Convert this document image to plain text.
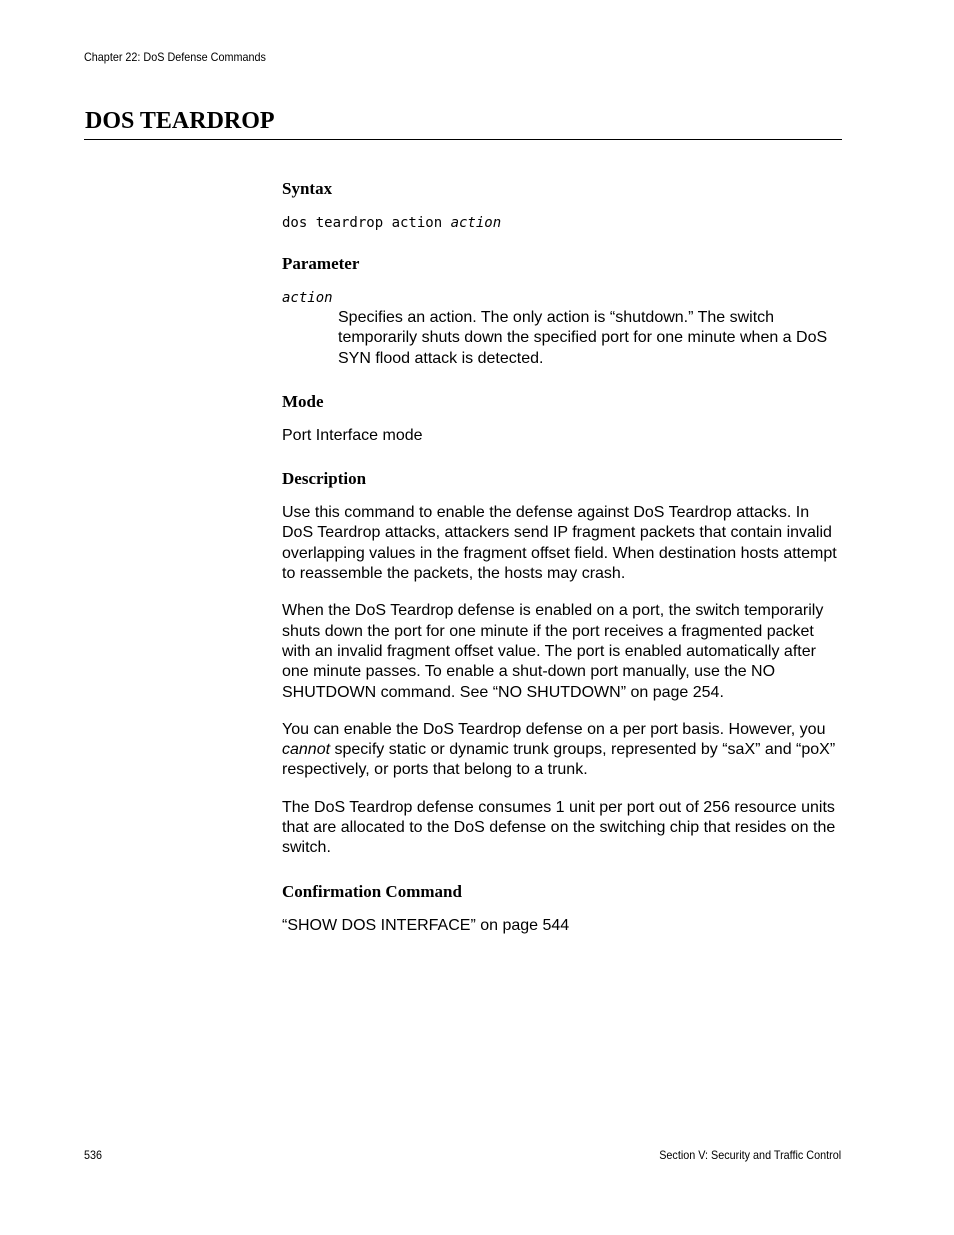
Chapter 22: DoS Defense Commands
DOS TEARDROP
Syntax

dos teardrop action action

Parameter

action

Specifies an action. The only action is “shutdown.” The switch temporarily shuts down the specified port for one minute when a DoS SYN flood attack is detected.

Mode

Port Interface mode

Description

Use this command to enable the defense against DoS Teardrop attacks. In DoS Teardrop attacks, attackers send IP fragment packets that contain invalid overlapping values in the fragment offset field. When destination hosts attempt to reassemble the packets, the hosts may crash.

When the DoS Teardrop defense is enabled on a port, the switch temporarily shuts down the port for one minute if the port receives a fragmented packet with an invalid fragment offset value. The port is enabled automatically after one minute passes. To enable a shut-down port manually, use the NO SHUTDOWN command. See “NO SHUTDOWN” on page 254.

You can enable the DoS Teardrop defense on a per port basis. However, you cannot specify static or dynamic trunk groups, represented by “saX” and “poX” respectively, or ports that belong to a trunk.

The DoS Teardrop defense consumes 1 unit per port out of 256 resource units that are allocated to the DoS defense on the switching chip that resides on the switch.

Confirmation Command

“SHOW DOS INTERFACE” on page 544

536	Section V: Security and Traffic Control
